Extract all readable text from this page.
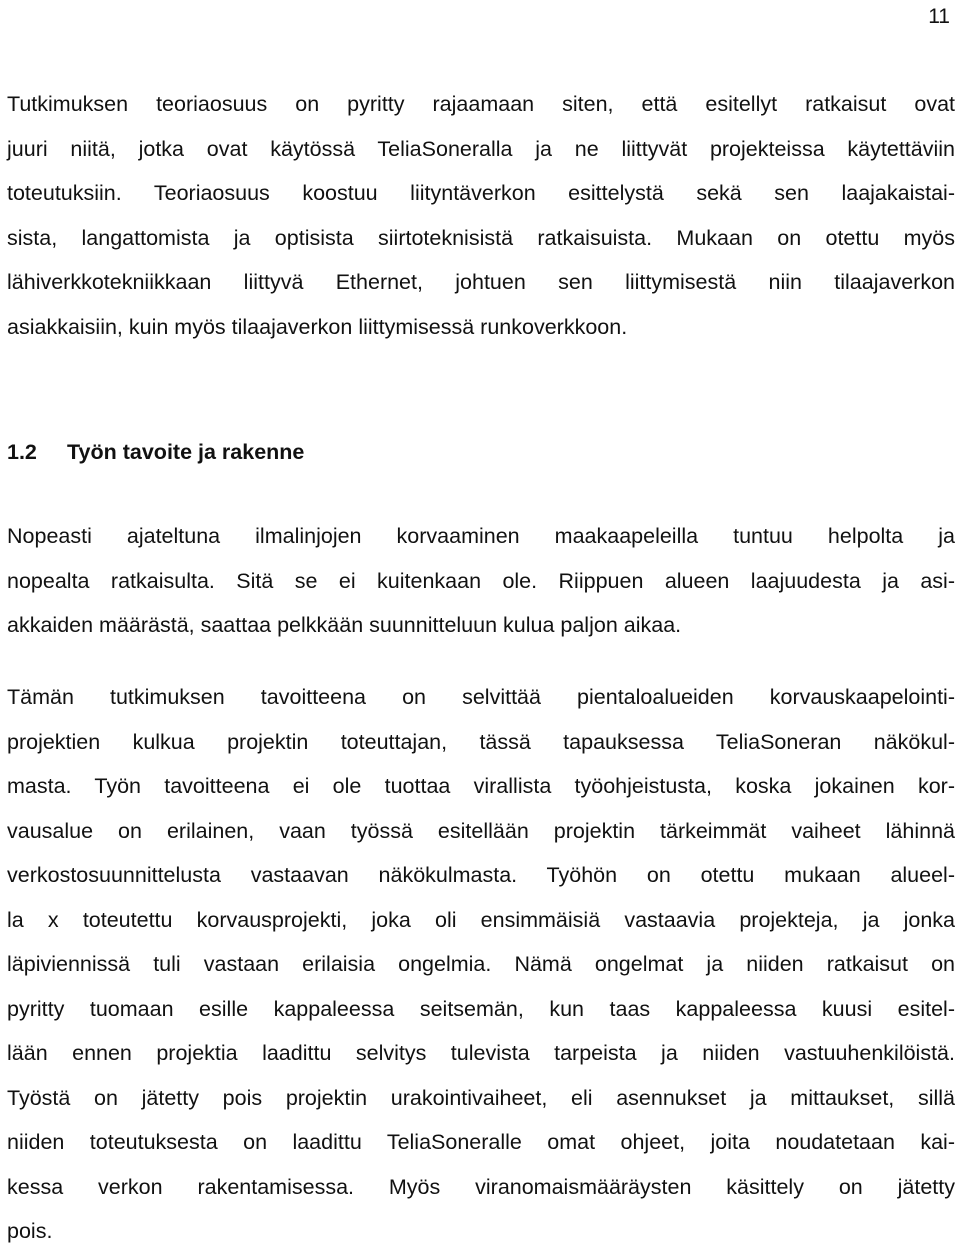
11

Tutkimuksen teoriaosuus on pyritty rajaamaan siten, että esitellyt ratkaisut ovat
juuri niitä, jotka ovat käytössä TeliaSoneralla ja ne liittyvät projekteissa käytettäviin
toteutuksiin. Teoriaosuus koostuu liityntäverkon esittelystä sekä sen laajakaistai-
sista, langattomista ja optisista siirtoteknisistä ratkaisuista. Mukaan on otettu myös
lähiverkkotekniikkaan liittyvä Ethernet, johtuen sen liittymisestä niin tilaajaverkon
asiakkaisiin, kuin myös tilaajaverkon liittymisessä runkoverkkoon.

1.2 Työn tavoite ja rakenne

Nopeasti ajateltuna ilmalinjojen korvaaminen maakaapeleilla tuntuu helpolta ja
nopealta ratkaisulta. Sitä se ei kuitenkaan ole. Riippuen alueen laajuudesta ja asi-
akkaiden määrästä, saattaa pelkkään suunnitteluun kulua paljon aikaa.

Tämän tutkimuksen tavoitteena on selvittää pientaloalueiden korvauskaapelointi-
projektien kulkua projektin toteuttajan, tässä tapauksessa TeliaSoneran näkökul-
masta. Työn tavoitteena ei ole tuottaa virallista työohjeistusta, koska jokainen kor-
vausalue on erilainen, vaan työssä esitellään projektin tärkeimmät vaiheet lähinnä
verkostosuunnittelusta vastaavan näkökulmasta. Työhön on otettu mukaan alueel-
la x toteutettu korvausprojekti, joka oli ensimmäisiä vastaavia projekteja, ja jonka
läpiviennissä tuli vastaan erilaisia ongelmia. Nämä ongelmat ja niiden ratkaisut on
pyritty tuomaan esille kappaleessa seitsemän, kun taas kappaleessa kuusi esitel-
lään ennen projektia laadittu selvitys tulevista tarpeista ja niiden vastuuhenkilöistä.
Työstä on jätetty pois projektin urakointivaiheet, eli asennukset ja mittaukset, sillä
niiden toteutuksesta on laadittu TeliaSoneralle omat ohjeet, joita noudatetaan kai-
kessa verkon rakentamisessa. Myös viranomaismääräysten käsittely on jätetty
pois.
